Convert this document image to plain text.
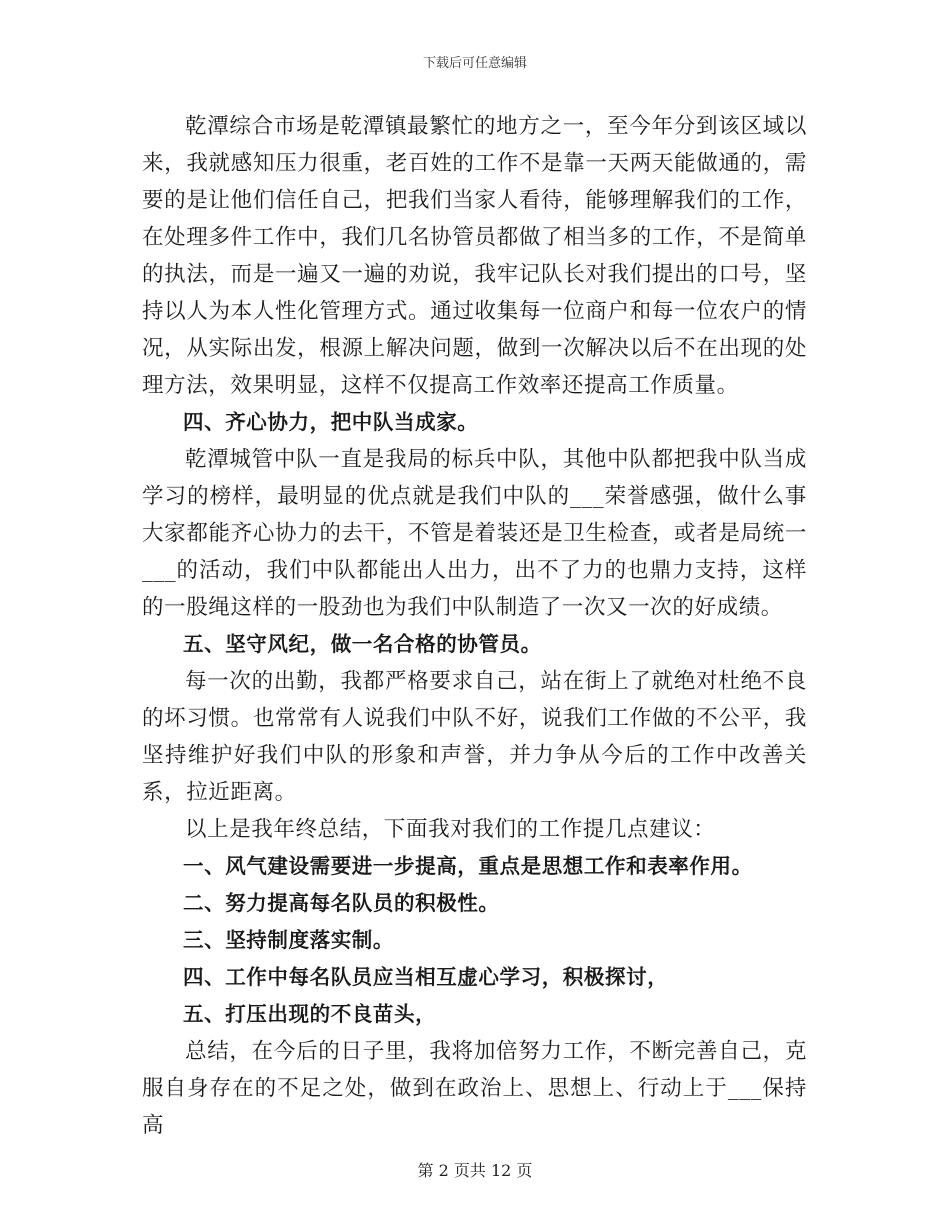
下载后可任意编辑

乾潭综合市场是乾潭镇最繁忙的地方之一，至今年分到该区域以来，我就感知压力很重，老百姓的工作不是靠一天两天能做通的，需要的是让他们信任自己，把我们当家人看待，能够理解我们的工作，在处理多件工作中，我们几名协管员都做了相当多的工作，不是简单的执法，而是一遍又一遍的劝说，我牢记队长对我们提出的口号，坚持以人为本人性化管理方式。通过收集每一位商户和每一位农户的情况，从实际出发，根源上解决问题，做到一次解决以后不在出现的处理方法，效果明显，这样不仅提高工作效率还提高工作质量。

四、齐心协力，把中队当成家。

乾潭城管中队一直是我局的标兵中队，其他中队都把我中队当成学习的榜样，最明显的优点就是我们中队的___荣誉感强，做什么事大家都能齐心协力的去干，不管是着装还是卫生检查，或者是局统一___的活动，我们中队都能出人出力，出不了力的也鼎力支持，这样的一股绳这样的一股劲也为我们中队制造了一次又一次的好成绩。

五、坚守风纪，做一名合格的协管员。

每一次的出勤，我都严格要求自己，站在街上了就绝对杜绝不良的坏习惯。也常常有人说我们中队不好，说我们工作做的不公平，我坚持维护好我们中队的形象和声誉，并力争从今后的工作中改善关系，拉近距离。

以上是我年终总结，下面我对我们的工作提几点建议：

一、风气建设需要进一步提高，重点是思想工作和表率作用。

二、努力提高每名队员的积极性。

三、坚持制度落实制。

四、工作中每名队员应当相互虚心学习，积极探讨，

五、打压出现的不良苗头，

总结，在今后的日子里，我将加倍努力工作，不断完善自己，克服自身存在的不足之处，做到在政治上、思想上、行动上于___保持高

第 2 页共 12 页
